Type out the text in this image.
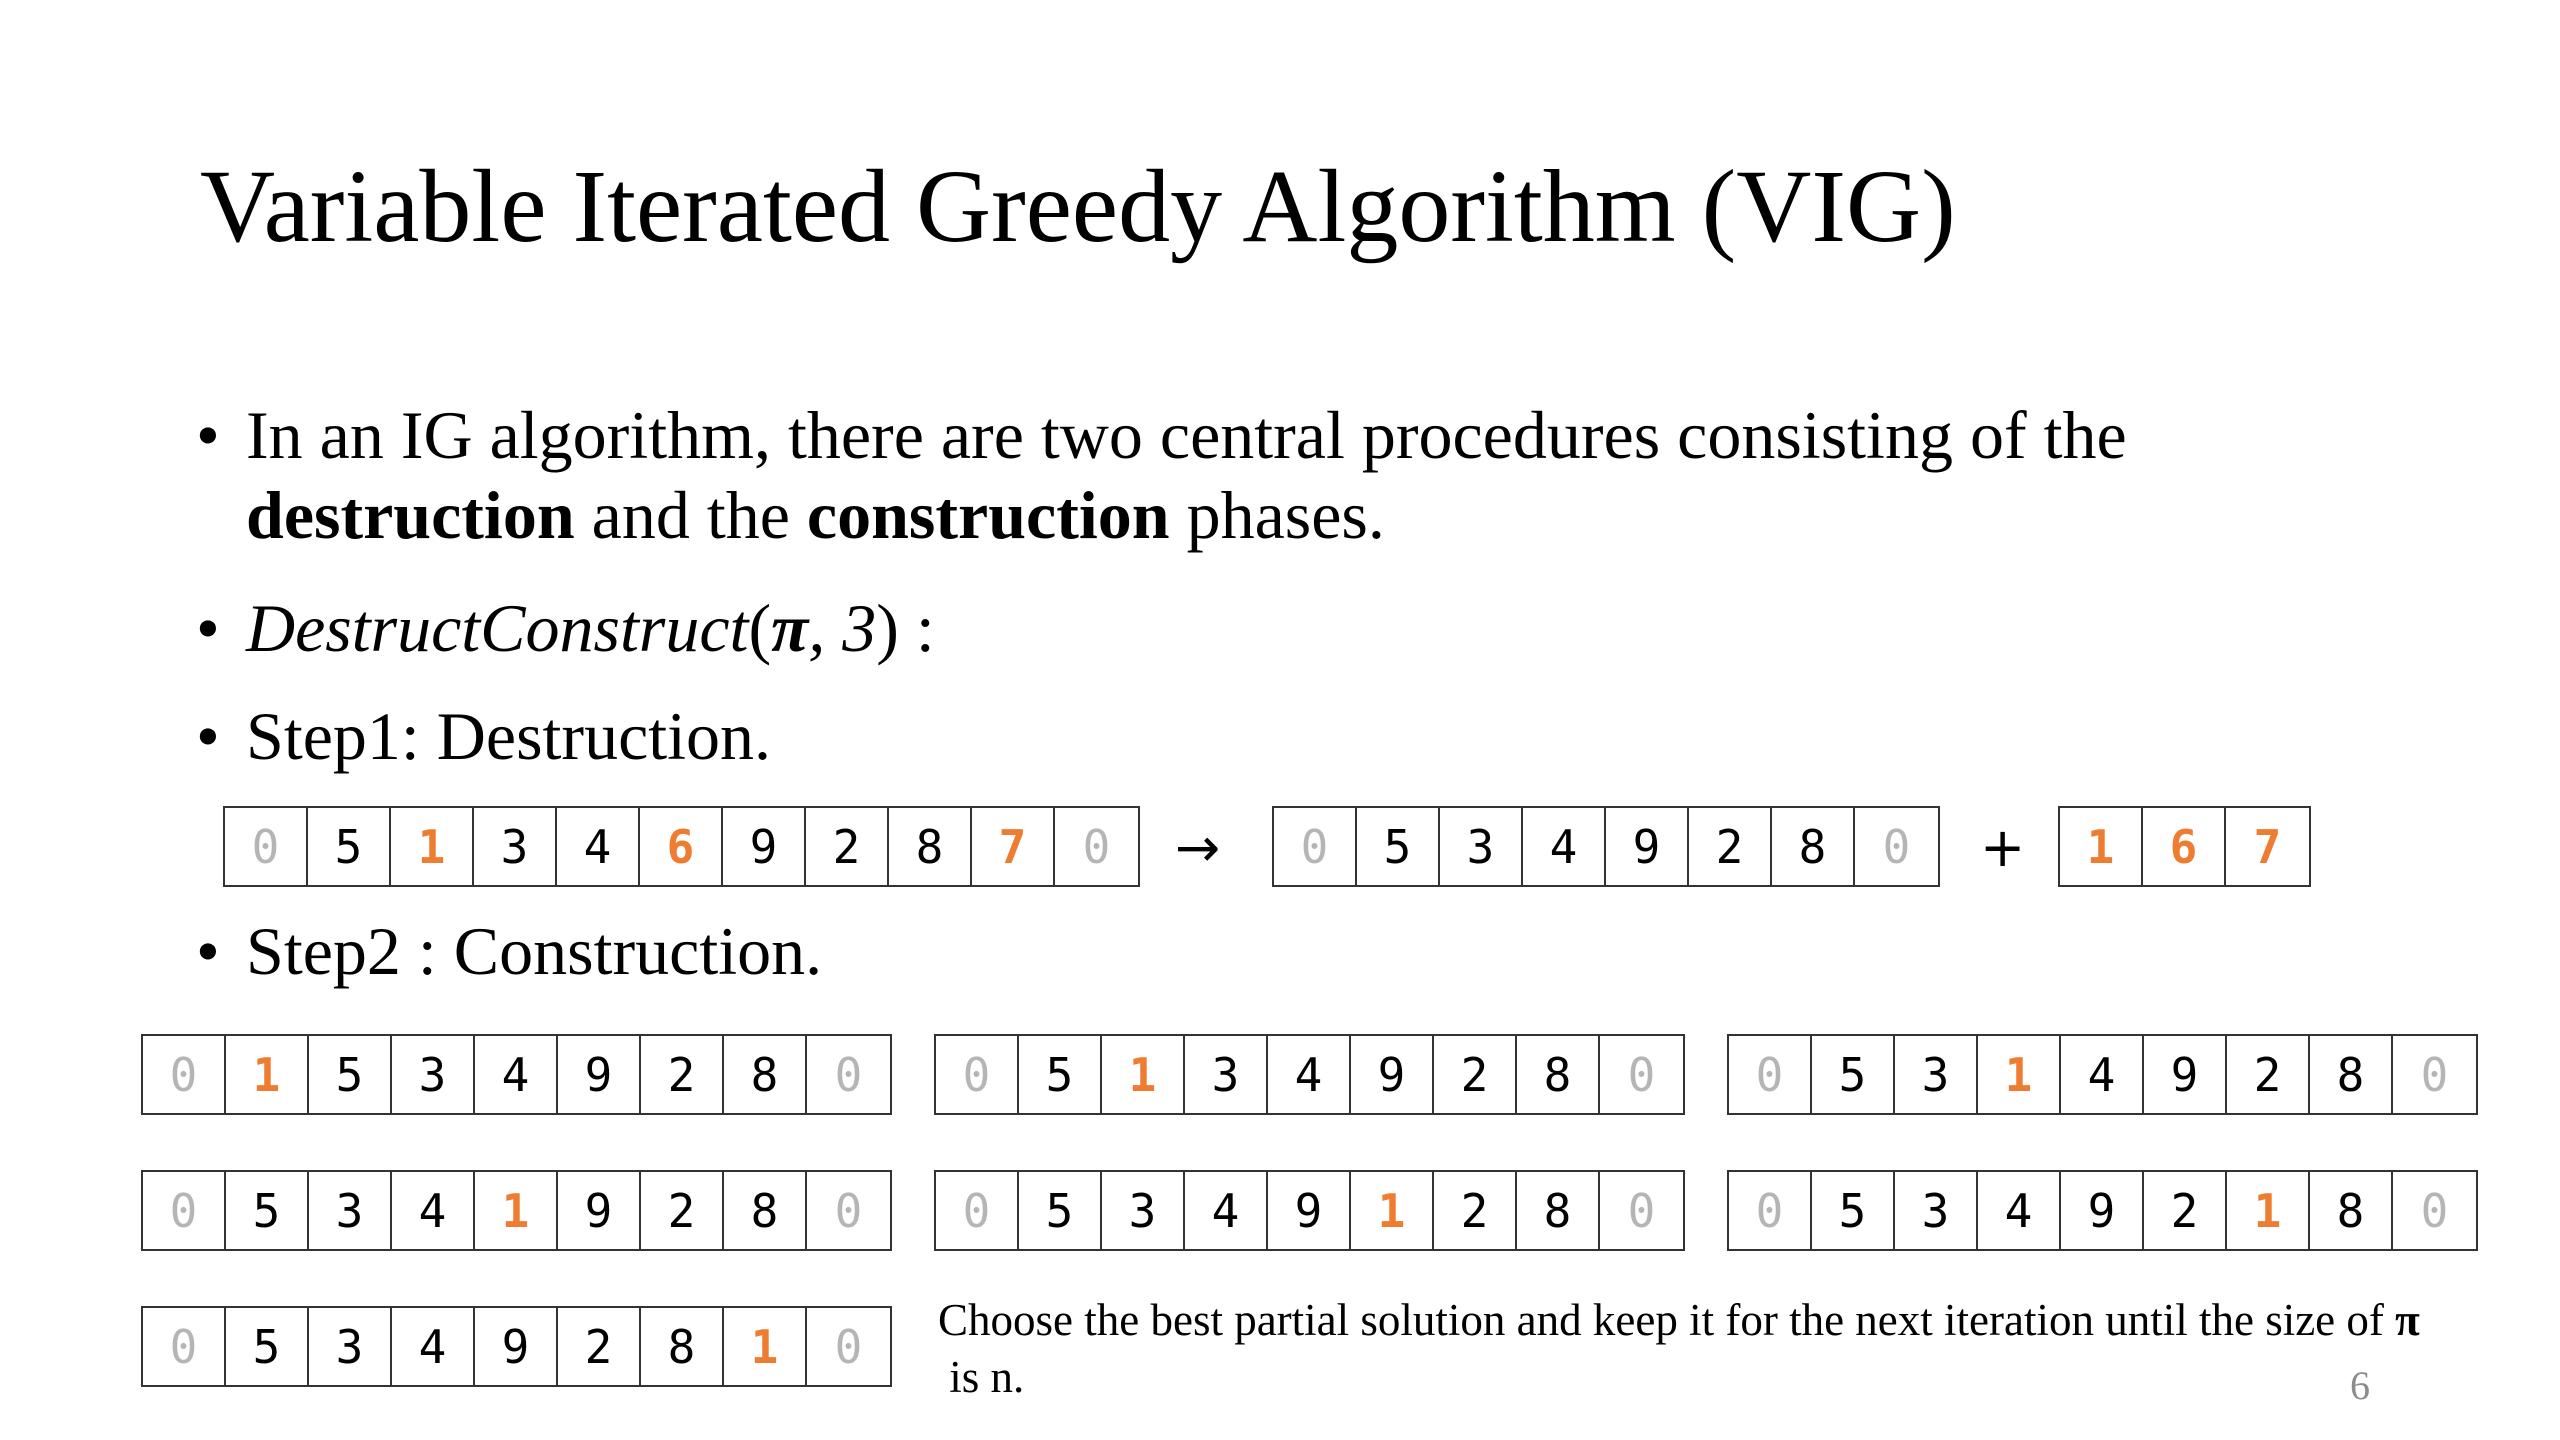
Variable Iterated Greedy Algorithm (VIG)
• In an IG algorithm, there are two central procedures consisting of the
destruction and the construction phases.
• DestructConstruct(π, 3) :
• Step1: Destruction.
0	5	1	3	4	6	9	2	8	7	0	→	0	5	3	4	9	2	8	0	+	1	6	7
• Step2 : Construction.
0	1	5	3	4	9	2	8	0	0	5	1	3	4	9	2	8	0	0	5	3	1	4	9	2	8	0
0	5	3	4	1	9	2	8	0	0	5	3	4	9	1	2	8	0	0	5	3	4	9	2	1	8	0
0	5	3	4	9	2	8	1	0	Choose the best partial solution and keep it for the next iteration until the size of π is n.	6
